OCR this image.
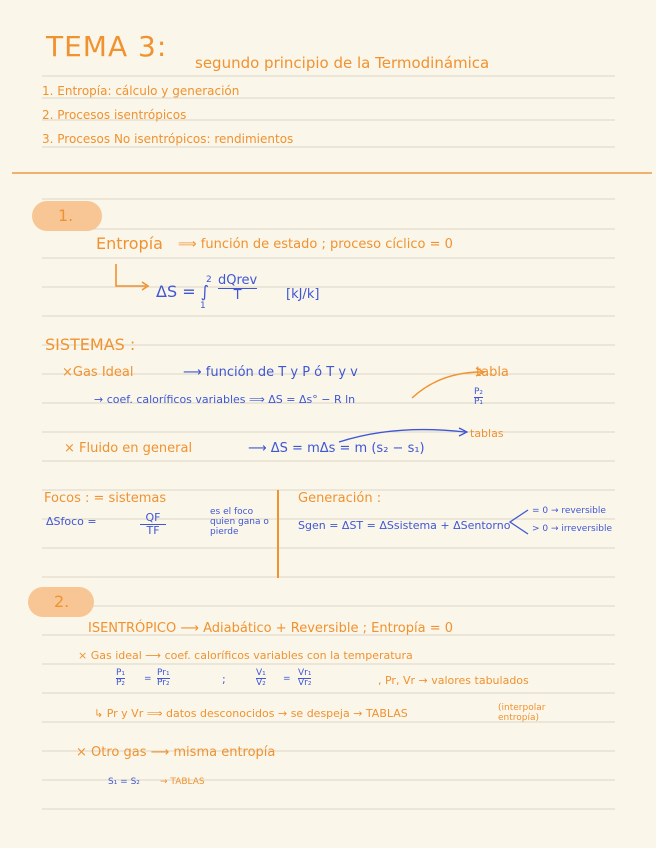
TEMA 3: segundo principio de la Termodinámica
1. Entropía: cálculo y generación
2. Procesos isentrópicos
3. Procesos No isentrópicos: rendimientos
1.
Entropía ⟹ función de estado ; proceso cíclico = 0
ΔS = ∫
2
1
dQrev
T	[kJ/k]
SISTEMAS :
×Gas Ideal	⟶ función de T y P ó T y v	tabla
→ coef. caloríficos variables ⟹ ΔS = Δs° − R ln
P₂
P₁
tablas
× Fluido en general	⟶ ΔS = mΔs = m (s₂ − s₁)
Focos : = sistemas
ΔSfoco =	QF
TF
es el foco quien gana o pierde
Generación :
Sgen = ΔST = ΔSsistema + ΔSentorno
= 0 → reversible
> 0 → irreversible
2.
ISENTRÓPICO ⟶ Adiabático + Reversible ; Entropía = 0
× Gas ideal ⟶ coef. caloríficos variables con la temperatura
P₁
P₂ =
Pr₁
Pr₂	;	V₁
V₂ =
Vr₁
Vr₂	, Pr, Vr → valores tabulados
↳ Pr y Vr ⟹ datos desconocidos → se despeja → TABLAS	(interpolar entropía)
× Otro gas ⟶ misma entropía
S₁ = S₂ → TABLAS
